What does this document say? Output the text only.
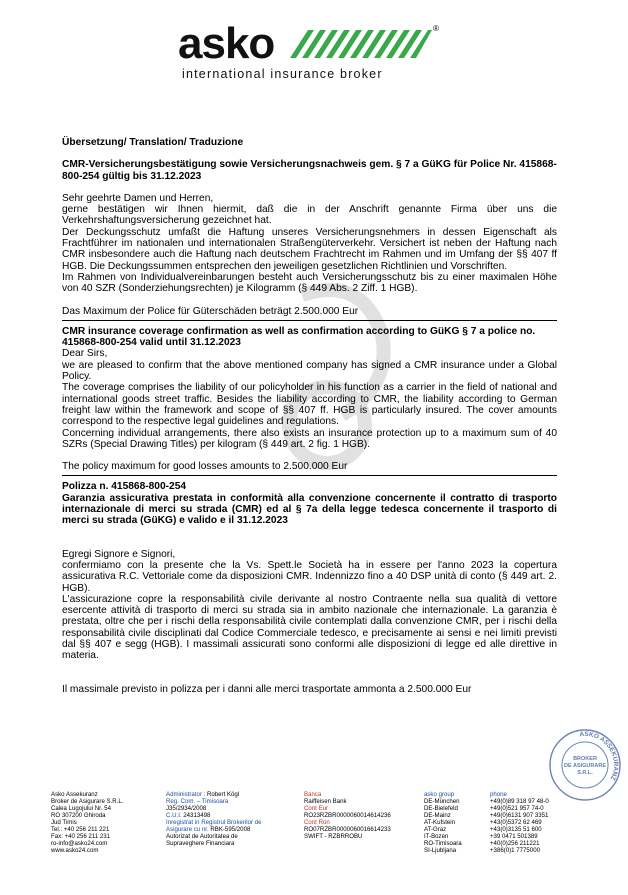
asko	®
international insurance broker

Übersetzung/ Translation/ Traduzione

CMR-Versicherungsbestätigung sowie Versicherungsnachweis gem. § 7 a GüKG für Police Nr. 415868-800-254 gültig bis 31.12.2023

Sehr geehrte Damen und Herren,

gerne bestätigen wir Ihnen hiermit, daß die in der Anschrift genannte Firma über uns die Verkehrshaftungsversicherung gezeichnet hat.

Der Deckungsschutz umfaßt die Haftung unseres Versicherungsnehmers in dessen Eigenschaft als Frachtführer im nationalen und internationalen Straßengüterverkehr. Versichert ist neben der Haftung nach CMR insbesondere auch die Haftung nach deutschem Frachtrecht im Rahmen und im Umfang der §§ 407 ff HGB. Die Deckungssummen entsprechen den jeweiligen gesetzlichen Richtlinien und Vorschriften.

Im Rahmen von Individualvereinbarungen besteht auch Versicherungsschutz bis zu einer maximalen Höhe von 40 SZR (Sonderziehungsrechten) je Kilogramm (§ 449 Abs. 2 Ziff. 1 HGB).

Das Maximum der Police für Güterschäden beträgt 2.500.000 Eur

CMR insurance coverage confirmation as well as confirmation according to GüKG § 7 a police no. 415868-800-254 valid until 31.12.2023

Dear Sirs,

we are pleased to confirm that the above mentioned company has signed a CMR insurance under a Global Policy.

The coverage comprises the liability of our policyholder in his function as a carrier in the field of national and international goods street traffic. Besides the liability according to CMR, the liability according to German freight law within the framework and scope of §§ 407 ff. HGB is particularly insured. The cover amounts correspond to the respective legal guidelines and regulations.

Concerning individual arrangements, there also exists an insurance protection up to a maximum sum of 40 SZRs (Special Drawing Titles) per kilogram (§ 449 art. 2 fig. 1 HGB).

The policy maximum for good losses amounts to 2.500.000 Eur

Polizza n. 415868-800-254

Garanzia assicurativa prestata in conformità alla convenzione concernente il contratto di trasporto internazionale di merci su strada (CMR) ed al § 7a della legge tedesca concernente il trasporto di merci su strada (GüKG) e valido e il 31.12.2023

Egregi Signore e Signori,

confermiamo con la presente che la Vs. Spett.le Società ha in essere per l'anno 2023 la copertura assicurativa R.C. Vettoriale come da disposizioni CMR. Indennizzo fino a 40 DSP unità di conto (§ 449 art. 2. HGB).

L'assicurazione copre la responsabilità civile derivante al nostro Contraente nella sua qualità di vettore esercente attività di trasporto di merci su strada sia in ambito nazionale che internazionale. La garanzia è prestata, oltre che per i rischi della responsabilità civile contemplati dalla convenzione CMR, per i rischi della responsabilità civile disciplinati dal Codice Commerciale tedesco, e precisamente ai sensi e nei limiti previsti dal §§ 407 e segg (HGB). I massimali assicurati sono conformi alle disposizioni di legge ed alle direttive in materia.

Il massimale previsto in polizza per i danni alle merci trasportate ammonta a 2.500.000 Eur

ASKO ASSEKURANZ
BROKER
DE ASIGURARE
S.R.L.
Asko Assekuranz
Broker de Asigurare S.R.L.
Calea Lugojului Nr. 54
RO 307200 Ghiroda
Jud Timis
Tel.: +40 256 211 221
Fax: +40 256 211 231
ro-info@asko24.com
www.asko24.com
Administrator : Robert Kögl
Reg. Com. – Timisoara
J35/2934/2008
C.U.I. 24313498
Inregistrat in Registrul Brokerilor de
Asigurare cu nr. RBK-595/2008
Autorizat de Autoritatea de
Supraveghere Financiara
Banca
Raiffeisen Bank
Cont Eur
RO23RZBR0000060014614236
Cont Ron
RO07RZBR0000060016614233
SWIFT - RZBRROBU
asko group
DE-München
DE-Bielefeld
DE-Mainz
AT-Kufstein
AT-Graz
IT-Bozen
RO-Timisoara
SI-Ljubljana
phone
+49(0)89 318 97 48-0
+49(0)521 957 74-0
+49(0)6131 907 3351
+43(0)5372 62 469
+43(0)3135 51 600
+39 0471 501389
+40(0)256 211221
+386(0)1 7775000
